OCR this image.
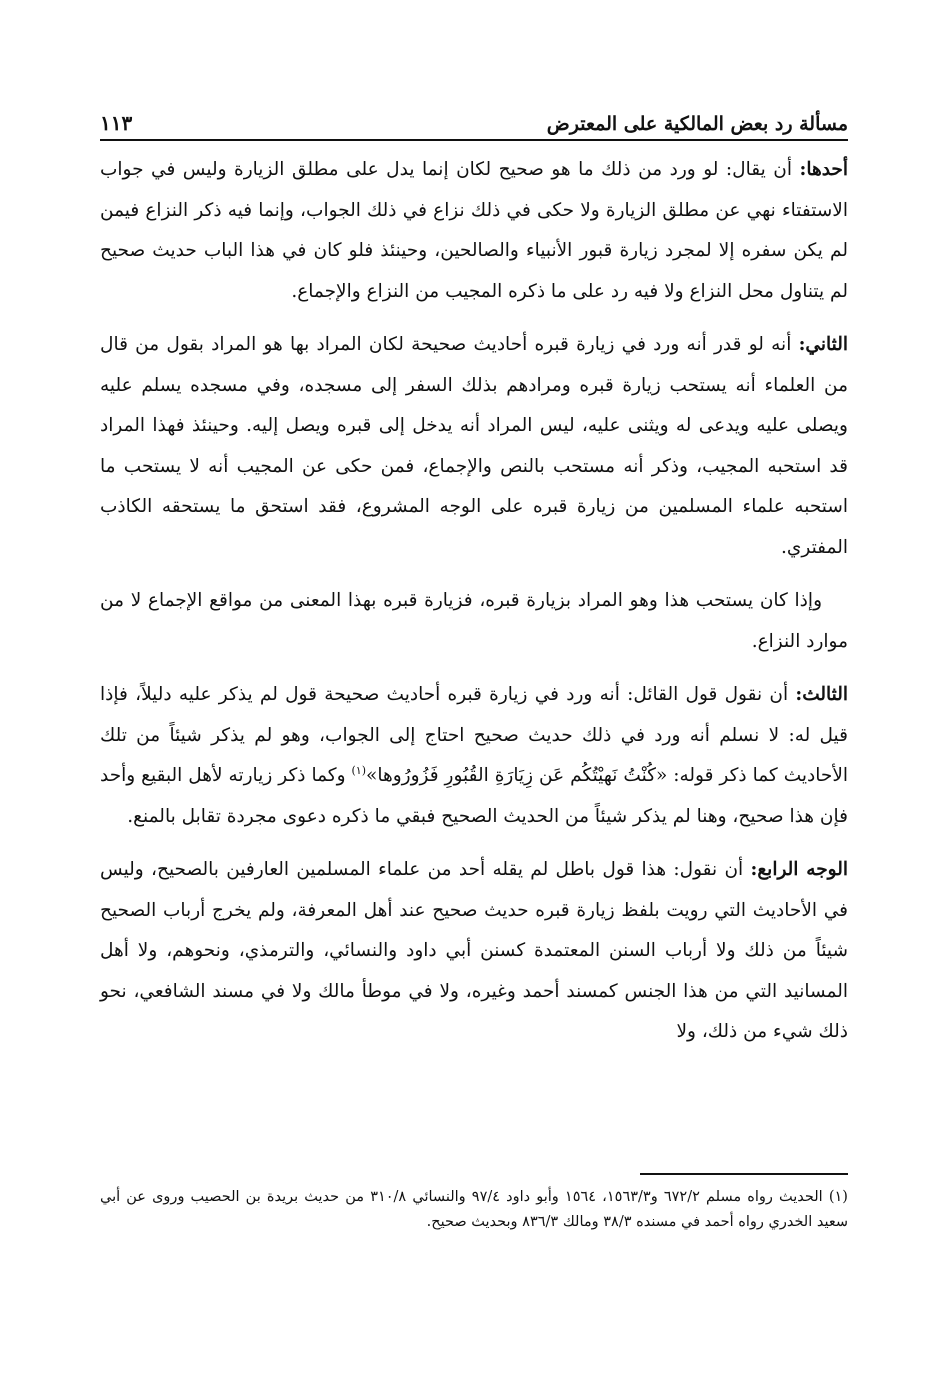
مسألة رد بعض المالكية على المعترض
١١٣

أحدها: أن يقال: لو ورد من ذلك ما هو صحيح لكان إنما يدل على مطلق الزيارة وليس في جواب الاستفتاء نهي عن مطلق الزيارة ولا حكى في ذلك نزاع في ذلك الجواب، وإنما فيه ذكر النزاع فيمن لم يكن سفره إلا لمجرد زيارة قبور الأنبياء والصالحين، وحينئذ فلو كان في هذا الباب حديث صحيح لم يتناول محل النزاع ولا فيه رد على ما ذكره المجيب من النزاع والإجماع.

الثاني: أنه لو قدر أنه ورد في زيارة قبره أحاديث صحيحة لكان المراد بها هو المراد بقول من قال من العلماء أنه يستحب زيارة قبره ومرادهم بذلك السفر إلى مسجده، وفي مسجده يسلم عليه ويصلى عليه ويدعى له ويثنى عليه، ليس المراد أنه يدخل إلى قبره ويصل إليه. وحينئذ فهذا المراد قد استحبه المجيب، وذكر أنه مستحب بالنص والإجماع، فمن حكى عن المجيب أنه لا يستحب ما استحبه علماء المسلمين من زيارة قبره على الوجه المشروع، فقد استحق ما يستحقه الكاذب المفتري.

وإذا كان يستحب هذا وهو المراد بزيارة قبره، فزيارة قبره بهذا المعنى من مواقع الإجماع لا من موارد النزاع.

الثالث: أن نقول قول القائل: أنه ورد في زيارة قبره أحاديث صحيحة قول لم يذكر عليه دليلاً، فإذا قيل له: لا نسلم أنه ورد في ذلك حديث صحيح احتاج إلى الجواب، وهو لم يذكر شيئاً من تلك الأحاديث كما ذكر قوله: «كُنْتُ نَهيْتُكُم عَن زِيَارَةِ القُبُورِ فَزُورُوها»$^{(١)}$ وكما ذكر زيارته لأهل البقيع وأحد فإن هذا صحيح، وهنا لم يذكر شيئاً من الحديث الصحيح فبقي ما ذكره دعوى مجردة تقابل بالمنع.

الوجه الرابع: أن نقول: هذا قول باطل لم يقله أحد من علماء المسلمين العارفين بالصحيح، وليس في الأحاديث التي رويت بلفظ زيارة قبره حديث صحيح عند أهل المعرفة، ولم يخرج أرباب الصحيح شيئاً من ذلك ولا أرباب السنن المعتمدة كسنن أبي داود والنسائي، والترمذي، ونحوهم، ولا أهل المسانيد التي من هذا الجنس كمسند أحمد وغيره، ولا في موطأ مالك ولا في مسند الشافعي، نحو ذلك شيء من ذلك، ولا

(١) الحديث رواه مسلم ٦٧٢/٢ و١٥٦٣/٣، ١٥٦٤ وأبو داود ٩٧/٤ والنسائي ٣١٠/٨ من حديث بريدة بن الحصيب وروى عن أبي سعيد الخدري رواه أحمد في مسنده ٣٨/٣ ومالك ٨٣٦/٣ وبحديث صحيح.
